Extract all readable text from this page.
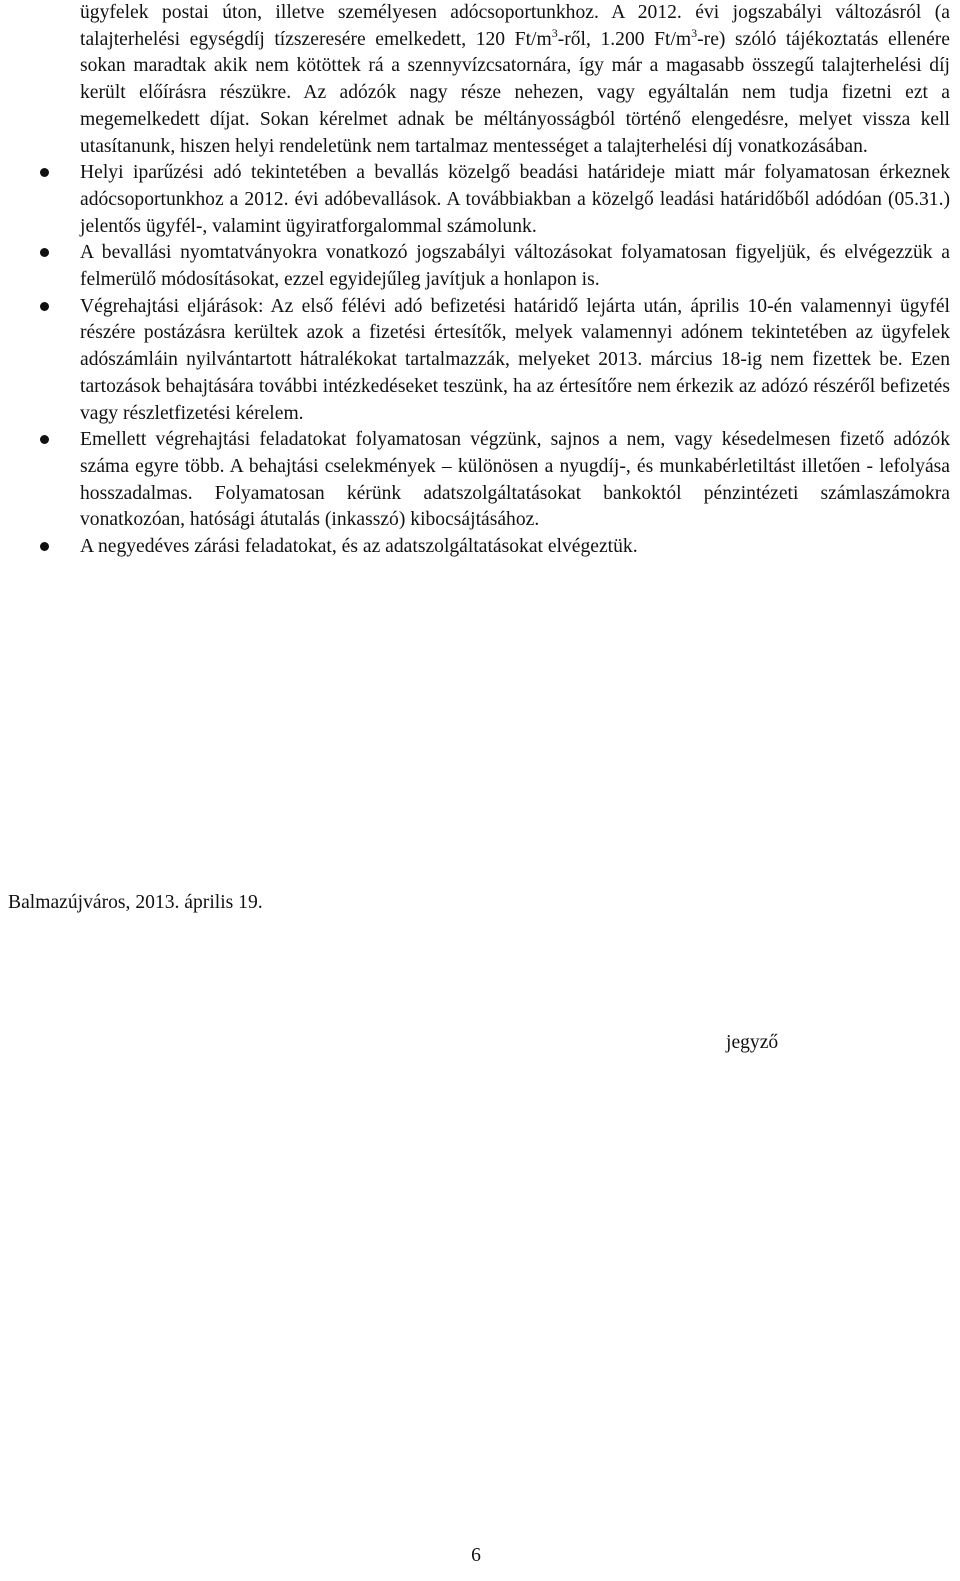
ügyfelek postai úton, illetve személyesen adócsoportunkhoz. A 2012. évi jogszabályi változásról (a talajterhelési egységdíj tízszeresére emelkedett, 120 $Ft/m^3$-ről, 1.200 $Ft/m^3-re$) szóló tájékoztatás ellenére sokan maradtak akik nem kötöttek rá a szennyvízcsatornára, így már a magasabb összegű talajterhelési díj került előírásra részükre. Az adózók nagy része nehezen, vagy egyáltalán nem tudja fizetni ezt a megemelkedett díjat. Sokan kérelmet adnak be méltányosságból történő elengedésre, melyet vissza kell utasítanunk, hiszen helyi rendeletünk nem tartalmaz mentességet a talajterhelési díj vonatkozásában.

Helyi iparűzési adó tekintetében a bevallás közelgő beadási határideje miatt már folyamatosan érkeznek adócsoportunkhoz a 2012. évi adóbevallások. A továbbiakban a közelgő leadási határidőből adódóan (05.31.) jelentős ügyfél-, valamint ügyiratforgalommal számolunk.
A bevallási nyomtatványokra vonatkozó jogszabályi változásokat folyamatosan figyeljük, és elvégezzük a felmerülő módosításokat, ezzel egyidejűleg javítjuk a honlapon is.
Végrehajtási eljárások: Az első félévi adó befizetési határidő lejárta után, április 10-én valamennyi ügyfél részére postázásra kerültek azok a fizetési értesítők, melyek valamennyi adónem tekintetében az ügyfelek adószámláin nyilvántartott hátralékokat tartalmazzák, melyeket 2013. március 18-ig nem fizettek be. Ezen tartozások behajtására további intézkedéseket teszünk, ha az értesítőre nem érkezik az adózó részéről befizetés vagy részletfizetési kérelem.
Emellett végrehajtási feladatokat folyamatosan végzünk, sajnos a nem, vagy késedelmesen fizető adózók száma egyre több. A behajtási cselekmények – különösen a nyugdíj-, és munkabérletiltást illetően - lefolyása hosszadalmas. Folyamatosan kérünk adatszolgáltatásokat bankoktól pénzintézeti számlaszámokra vonatkozóan, hatósági átutalás (inkasszó) kibocsájtásához.
A negyedéves zárási feladatokat, és az adatszolgáltatásokat elvégeztük.

Balmazújváros, 2013. április 19.

jegyző

6
